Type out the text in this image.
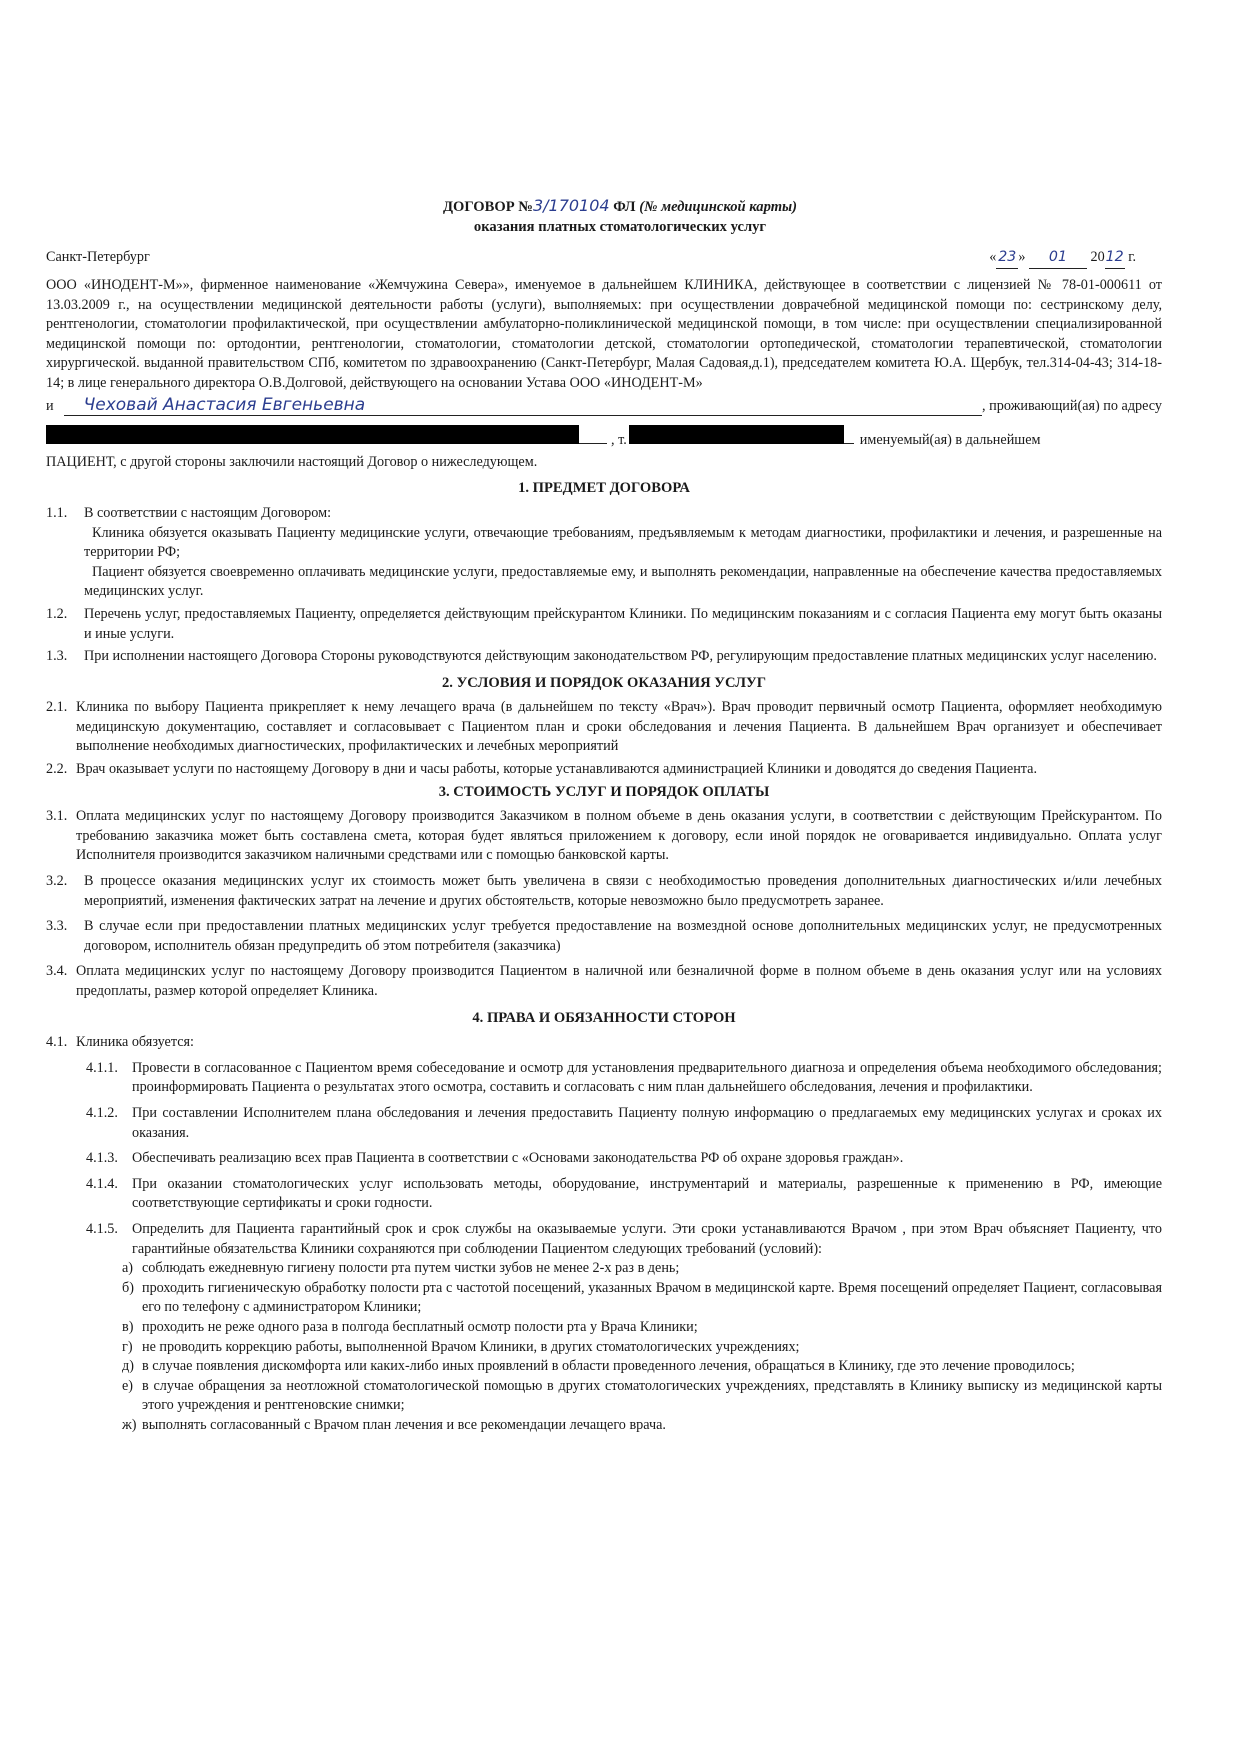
ДОГОВОР №3/170104 ФЛ (№ медицинской карты)
оказания платных стоматологических услуг
Санкт-Петербург	« 23 » 01 2012 г.

ООО «ИНОДЕНТ-М»», фирменное наименование «Жемчужина Севера», именуемое в дальнейшем КЛИНИКА, действующее в соответствии с лицензией № 78-01-000611 от 13.03.2009 г., на осуществлении медицинской деятельности работы (услуги), выполняемых: при осуществлении доврачебной медицинской помощи по: сестринскому делу, рентгенологии, стоматологии профилактической, при осуществлении амбулаторно-поликлинической медицинской помощи, в том числе: при осуществлении специализированной медицинской помощи по: ортодонтии, рентгенологии, стоматологии, стоматологии детской, стоматологии ортопедической, стоматологии терапевтической, стоматологии хирургической. выданной правительством СПб, комитетом по здравоохранению (Санкт-Петербург, Малая Садовая,д.1), председателем комитета Ю.А. Щербук, тел.314-04-43; 314-18-14; в лице генерального директора О.В.Долговой, действующего на основании Устава ООО «ИНОДЕНТ-М»

и	Чеховай Анастасия Евгеньевна	, проживающий(ая) по адресу
, т.	именуемый(ая) в дальнейшем

ПАЦИЕНТ, с другой стороны заключили настоящий Договор о нижеследующем.

1. ПРЕДМЕТ ДОГОВОРА
1.1.	В соответствии с настоящим Договором:

Клиника обязуется оказывать Пациенту медицинские услуги, отвечающие требованиям, предъявляемым к методам диагностики, профилактики и лечения, и разрешенные на территории РФ;

Пациент обязуется своевременно оплачивать медицинские услуги, предоставляемые ему, и выполнять рекомендации, направленные на обеспечение качества предоставляемых медицинских услуг.

1.2.	Перечень услуг, предоставляемых Пациенту, определяется действующим прейскурантом Клиники. По медицинским показаниям и с согласия Пациента ему могут быть оказаны и иные услуги.
1.3.	При исполнении настоящего Договора Стороны руководствуются действующим законодательством РФ, регулирующим предоставление платных медицинских услуг населению.
2. УСЛОВИЯ И ПОРЯДОК ОКАЗАНИЯ УСЛУГ
2.1. Клиника по выбору Пациента прикрепляет к нему лечащего врача (в дальнейшем по тексту «Врач»). Врач проводит первичный осмотр Пациента, оформляет необходимую медицинскую документацию, составляет и согласовывает с Пациентом план и сроки обследования и лечения Пациента. В дальнейшем Врач организует и обеспечивает выполнение необходимых диагностических, профилактических и лечебных мероприятий
2.2. Врач оказывает услуги по настоящему Договору в дни и часы работы, которые устанавливаются администрацией Клиники и доводятся до сведения Пациента.
3. СТОИМОСТЬ УСЛУГ И ПОРЯДОК ОПЛАТЫ
3.1. Оплата медицинских услуг по настоящему Договору производится Заказчиком в полном объеме в день оказания услуги, в соответствии с действующим Прейскурантом. По требованию заказчика может быть составлена смета, которая будет являться приложением к договору, если иной порядок не оговаривается индивидуально. Оплата услуг Исполнителя производится заказчиком наличными средствами или с помощью банковской карты.
3.2.	В процессе оказания медицинских услуг их стоимость может быть увеличена в связи с необходимостью проведения дополнительных диагностических и/или лечебных мероприятий, изменения фактических затрат на лечение и других обстоятельств, которые невозможно было предусмотреть заранее.
3.3.	В случае если при предоставлении платных медицинских услуг требуется предоставление на возмездной основе дополнительных медицинских услуг, не предусмотренных договором, исполнитель обязан предупредить об этом потребителя (заказчика)
3.4. Оплата медицинских услуг по настоящему Договору производится Пациентом в наличной или безналичной форме в полном объеме в день оказания услуг или на условиях предоплаты, размер которой определяет Клиника.
4. ПРАВА И ОБЯЗАННОСТИ СТОРОН
4.1. Клиника обязуется:
4.1.1. Провести в согласованное с Пациентом время собеседование и осмотр для установления предварительного диагноза и определения объема необходимого обследования; проинформировать Пациента о результатах этого осмотра, составить и согласовать с ним план дальнейшего обследования, лечения и профилактики.
4.1.2. При составлении Исполнителем плана обследования и лечения предоставить Пациенту полную информацию о предлагаемых ему медицинских услугах и сроках их оказания.
4.1.3. Обеспечивать реализацию всех прав Пациента в соответствии с «Основами законодательства РФ об охране здоровья граждан».
4.1.4. При оказании стоматологических услуг использовать методы, оборудование, инструментарий и материалы, разрешенные к применению в РФ, имеющие соответствующие сертификаты и сроки годности.
4.1.5. Определить для Пациента гарантийный срок и срок службы на оказываемые услуги. Эти сроки устанавливаются Врачом , при этом Врач объясняет Пациенту, что гарантийные обязательства Клиники сохраняются при соблюдении Пациентом следующих требований (условий):
а) соблюдать ежедневную гигиену полости рта путем чистки зубов не менее 2-х раз в день;
б) проходить гигиеническую обработку полости рта с частотой посещений, указанных Врачом в медицинской карте. Время посещений определяет Пациент, согласовывая его по телефону с администратором Клиники;
в) проходить не реже одного раза в полгода бесплатный осмотр полости рта у Врача Клиники;
г) не проводить коррекцию работы, выполненной Врачом Клиники, в других стоматологических учреждениях;
д) в случае появления дискомфорта или каких-либо иных проявлений в области проведенного лечения, обращаться в Клинику, где это лечение проводилось;
е) в случае обращения за неотложной стоматологической помощью в других стоматологических учреждениях, представлять в Клинику выписку из медицинской карты этого учреждения и рентгеновские снимки;
ж) выполнять согласованный с Врачом план лечения и все рекомендации лечащего врача.
